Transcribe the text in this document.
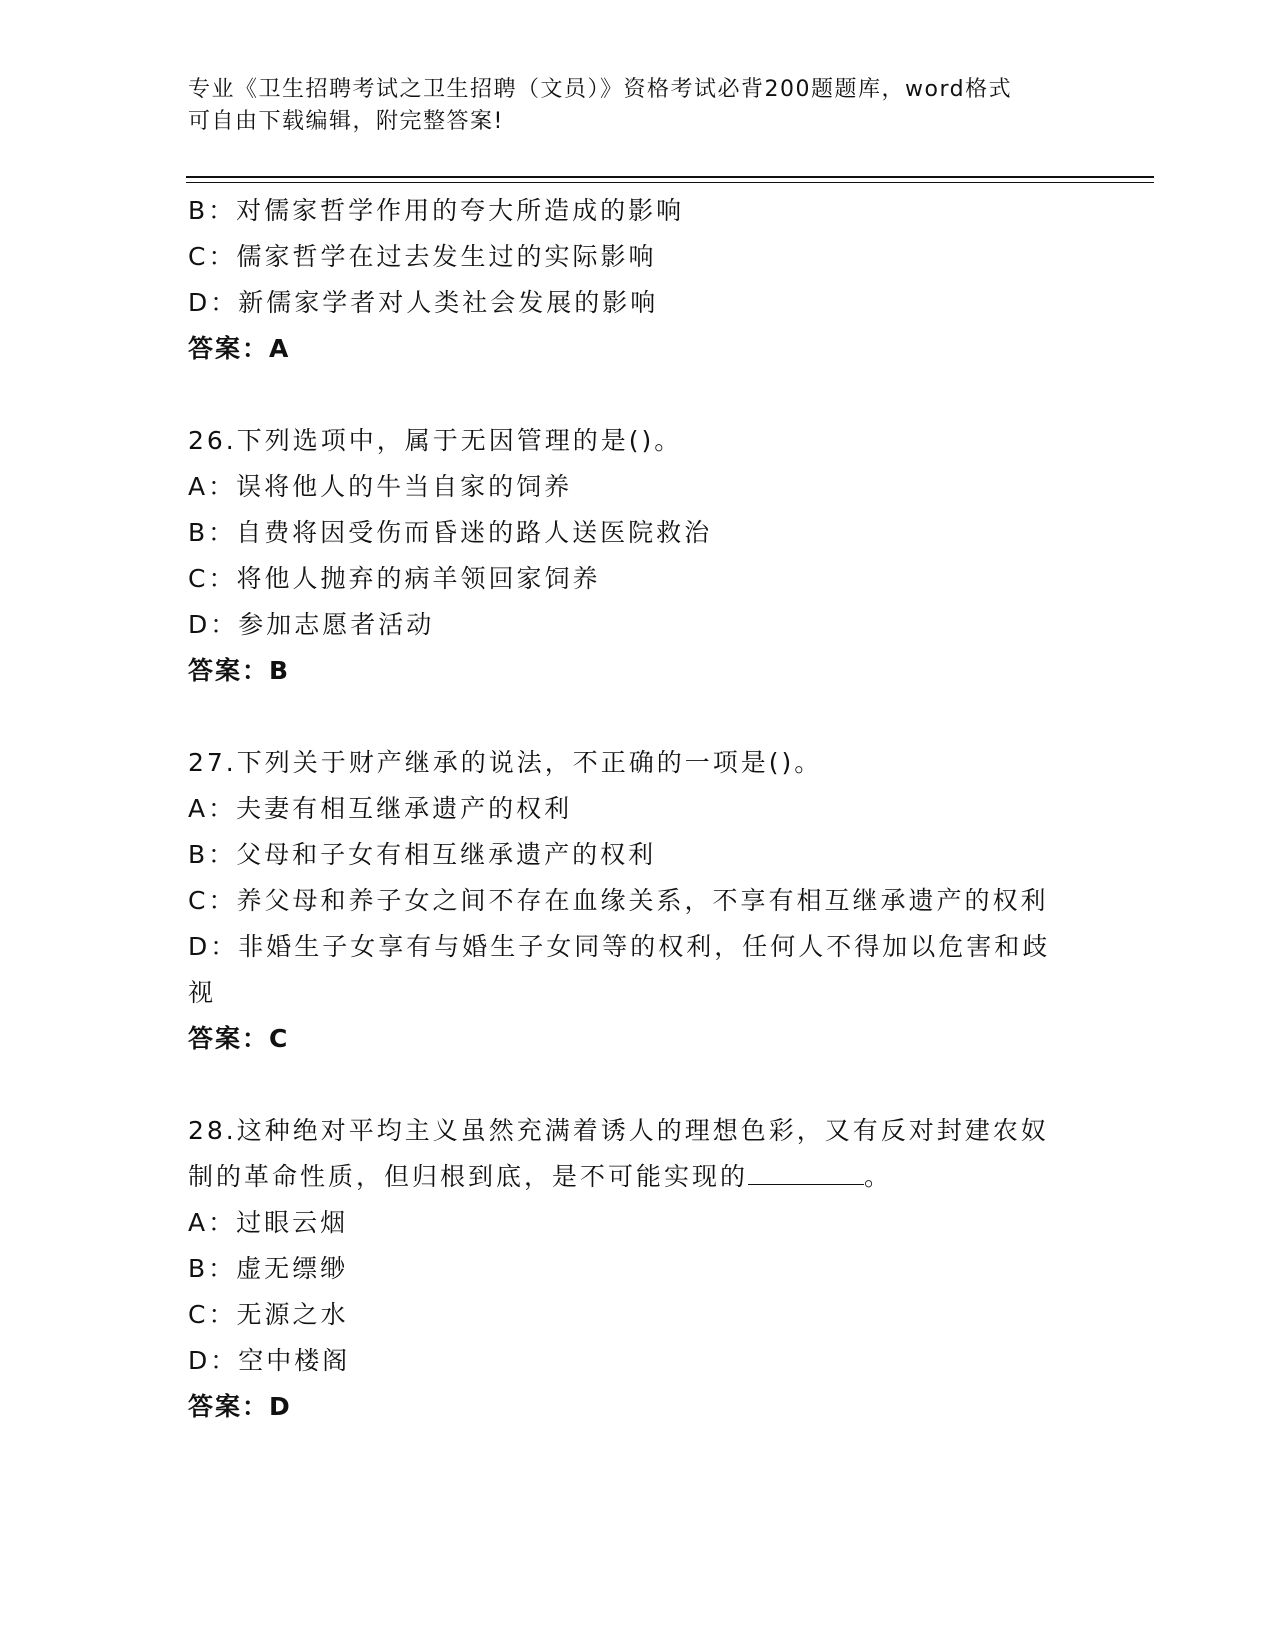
专业《卫生招聘考试之卫生招聘（文员）》资格考试必背200题题库，word格式
可自由下载编辑，附完整答案!
B：对儒家哲学作用的夸大所造成的影响
C：儒家哲学在过去发生过的实际影响
D：新儒家学者对人类社会发展的影响
答案：A
26.下列选项中，属于无因管理的是()。
A：误将他人的牛当自家的饲养
B：自费将因受伤而昏迷的路人送医院救治
C：将他人抛弃的病羊领回家饲养
D：参加志愿者活动
答案：B
27.下列关于财产继承的说法，不正确的一项是()。
A：夫妻有相互继承遗产的权利
B：父母和子女有相互继承遗产的权利
C：养父母和养子女之间不存在血缘关系，不享有相互继承遗产的权利
D：非婚生子女享有与婚生子女同等的权利，任何人不得加以危害和歧
视
答案：C
28.这种绝对平均主义虽然充满着诱人的理想色彩，又有反对封建农奴
制的革命性质，但归根到底，是不可能实现的	。
A：过眼云烟
B：虚无缥缈
C：无源之水
D：空中楼阁
答案：D
